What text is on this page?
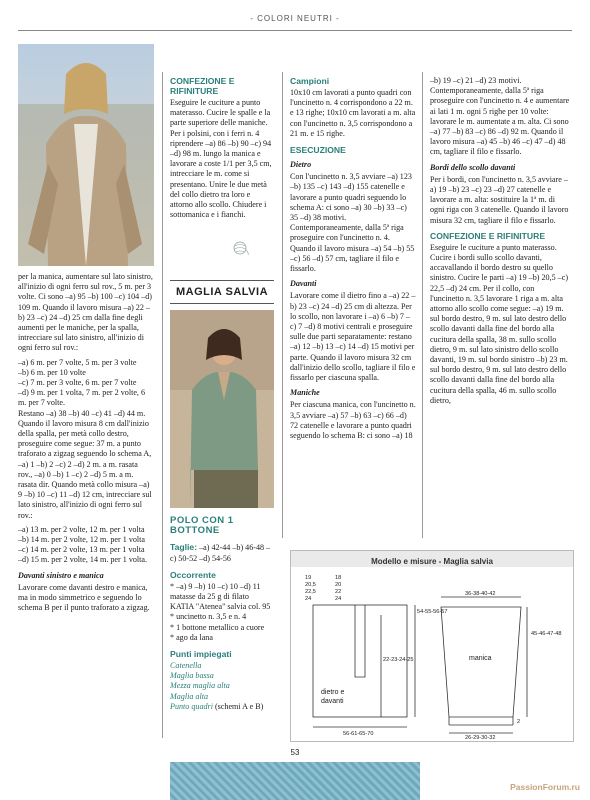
- COLORI NEUTRI -

per la manica, aumentare sul lato sinistro, all'inizio di ogni ferro sul rov., 5 m. per 3 volte. Ci sono –a) 95 –b) 100 –c) 104 –d) 109 m. Quando il lavoro misura –a) 22 –b) 23 –c) 24 –d) 25 cm dalla fine degli aumenti per le maniche, per la spalla, intrecciare sul lato sinistro, all'inizio di ogni ferro sul rov.:

–a) 6 m. per 7 volte, 5 m. per 3 volte

–b) 6 m. per 10 volte

–c) 7 m. per 3 volte, 6 m. per 7 volte

–d) 9 m. per 1 volta, 7 m. per 2 volte, 6 m. per 7 volte.

Restano –a) 38 –b) 40 –c) 41 –d) 44 m. Quando il lavoro misura 8 cm dall'inizio della spalla, per metà collo destro, proseguire come segue: 37 m. a punto traforato a zigzag seguendo lo schema A, –a) 1 –b) 2 –c) 2 –d) 2 m. a m. rasata rov., –a) 0 –b) 1 –c) 2 –d) 5 m. a m. rasata dir. Quando metà collo misura –a) 9 –b) 10 –c) 11 –d) 12 cm, intrecciare sul lato sinistro, all'inizio di ogni ferro sul rov.:

–a) 13 m. per 2 volte, 12 m. per 1 volta

–b) 14 m. per 2 volte, 12 m. per 1 volta

–c) 14 m. per 2 volte, 13 m. per 1 volta

–d) 15 m. per 2 volte, 14 m. per 1 volta.

Davanti sinistro e manica

Lavorare come davanti destro e manica, ma in modo simmetrico e seguendo lo schema B per il punto traforato a zigzag.

CONFEZIONE E RIFINITURE

Eseguire le cuciture a punto materasso. Cucire le spalle e la parte superiore delle maniche. Per i polsini, con i ferri n. 4 riprendere –a) 86 –b) 90 –c) 94 –d) 98 m. lungo la manica e lavorare a coste 1/1 per 3,5 cm, intrecciare le m. come si presentano. Unire le due metà del collo dietro tra loro e attorno allo scollo. Chiudere i sottomanica e i fianchi.

MAGLIA SALVIA
POLO CON 1 BOTTONE

Taglie: –a) 42-44 –b) 46-48 –c) 50-52 –d) 54-56

Occorrente

* –a) 9 –b) 10 –c) 10 –d) 11 matasse da 25 g di filato KATIA "Atenea" salvia col. 95

* uncinetto n. 3,5 e n. 4

* 1 bottone metallico a cuore

* ago da lana

Punti impiegati
Catenella
Maglia bassa
Mezza maglia alta
Maglia alta
Punto quadri (schemi A e B)
Campioni

10x10 cm lavorati a punto quadri con l'uncinetto n. 4 corrispondono a 22 m. e 13 righe; 10x10 cm lavorati a m. alta con l'uncinetto n. 3,5 corrispondono a 21 m. e 15 righe.

ESECUZIONE
Dietro

Con l'uncinetto n. 3,5 avviare –a) 123 –b) 135 –c) 143 –d) 155 catenelle e lavorare a punto quadri seguendo lo schema A: ci sono –a) 30 –b) 33 –c) 35 –d) 38 motivi. Contemporaneamente, dalla 5ª riga proseguire con l'uncinetto n. 4. Quando il lavoro misura –a) 54 –b) 55 –c) 56 –d) 57 cm, tagliare il filo e fissarlo.

Davanti

Lavorare come il dietro fino a –a) 22 –b) 23 –c) 24 –d) 25 cm di altezza. Per lo scollo, non lavorare i –a) 6 –b) 7 –c) 7 –d) 8 motivi centrali e proseguire sulle due parti separatamente: restano –a) 12 –b) 13 –c) 14 –d) 15 motivi per parte. Quando il lavoro misura 32 cm dall'inizio dello scollo, tagliare il filo e fissarlo per ciascuna spalla.

Maniche

Per ciascuna manica, con l'uncinetto n. 3,5 avviare –a) 57 –b) 63 –c) 66 –d) 72 catenelle e lavorare a punto quadri seguendo lo schema B: ci sono –a) 18

–b) 19 –c) 21 –d) 23 motivi. Contemporaneamente, dalla 5ª riga proseguire con l'uncinetto n. 4 e aumentare ai lati 1 m. ogni 5 righe per 10 volte: lavorare le m. aumentate a m. alta. Ci sono –a) 77 –b) 83 –c) 86 –d) 92 m. Quando il lavoro misura –a) 45 –b) 46 –c) 47 –d) 48 cm, tagliare il filo e fissarlo.

Bordi dello scollo davanti

Per i bordi, con l'uncinetto n. 3,5 avviare –a) 19 –b) 23 –c) 23 –d) 27 catenelle e lavorare a m. alta: sostituire la 1ª m. di ogni riga con 3 catenelle. Quando il lavoro misura 32 cm, tagliare il filo e fissarlo.

CONFEZIONE E RIFINITURE

Eseguire le cuciture a punto materasso. Cucire i bordi sullo scollo davanti, accavallando il bordo destro su quello sinistro. Cucire le parti –a) 19 –b) 20,5 –c) 22,5 –d) 24 cm. Per il collo, con l'uncinetto n. 3,5 lavorare 1 riga a m. alta attorno allo scollo come segue: –a) 19 m. sul bordo destro, 9 m. sul lato destro dello scollo davanti dalla fine del bordo alla cucitura della spalla, 38 m. sullo scollo dietro, 9 m. sul lato sinistro dello scollo davanti, 19 m. sul bordo sinistro –b) 23 m. sul bordo destro, 9 m. sul lato destro dello scollo davanti dalla fine del bordo alla cucitura della spalla, 46 m. sullo scollo dietro,

Modello e misure - Maglia salvia
19
20,5
22,5
24
18
20
22
24
54-55-56-57
22-23-24-25
dietro e
davanti
56-61-65-70
36-38-40-42
45-46-47-48
manica
2
26-29-30-32
53
PassionForum.ru
